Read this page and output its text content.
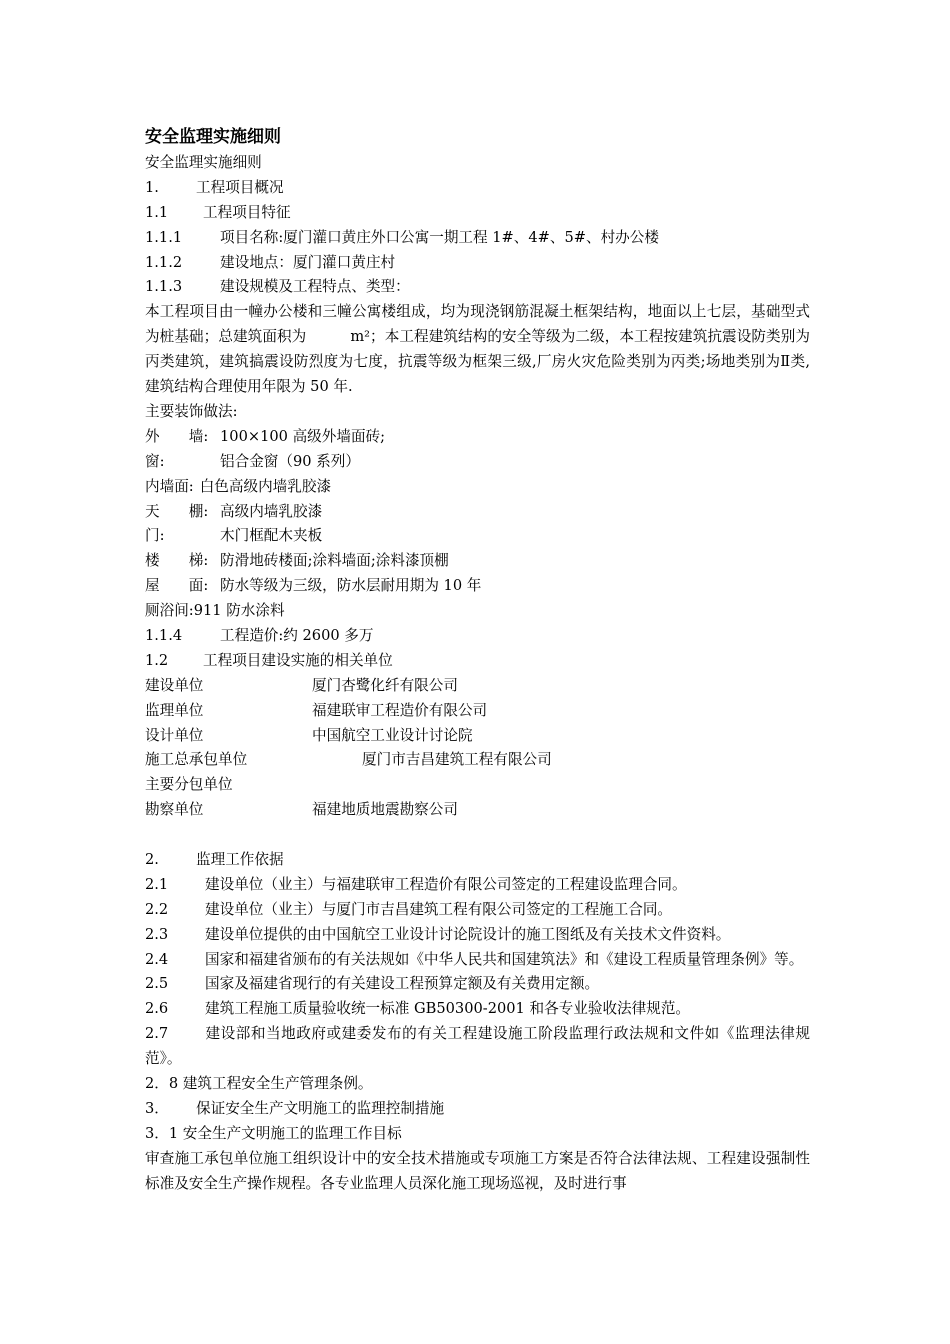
安全监理实施细则
安全监理实施细则
1.	工程项目概况
1.1 工程项目特征
1.1.1	项目名称:厦门灌口黄庄外口公寓一期工程 1#、4#、5#、村办公楼
1.1.2	建设地点：厦门灌口黄庄村
1.1.3	建设规模及工程特点、类型：
本工程项目由一幢办公楼和三幢公寓楼组成，均为现浇钢筋混凝土框架结构，地面以上七层，基础型式为桩基础；总建筑面积为	m²；本工程建筑结构的安全等级为二级，本工程按建筑抗震设防类别为丙类建筑，建筑搞震设防烈度为七度，抗震等级为框架三级,厂房火灾危险类别为丙类;场地类别为Ⅱ类,建筑结构合理使用年限为 50 年.
主要装饰做法:
外　　墙: 100×100 高级外墙面砖;
窗:	铝合金窗（90 系列）
内墙面: 白色高级内墙乳胶漆
天　　棚: 高级内墙乳胶漆
门:	木门框配木夹板
楼　　梯: 防滑地砖楼面;涂料墙面;涂料漆顶棚
屋　　面: 防水等级为三级，防水层耐用期为 10 年
厕浴间:911 防水涂料
1.1.4	工程造价:约 2600 多万
1.2 工程项目建设实施的相关单位
建设单位	厦门杏鹭化纤有限公司
监理单位	福建联审工程造价有限公司
设计单位	中国航空工业设计讨论院
施工总承包单位	厦门市吉昌建筑工程有限公司
主要分包单位
勘察单位	福建地质地震勘察公司
2.	监理工作依据
2.1	建设单位（业主）与福建联审工程造价有限公司签定的工程建设监理合同。
2.2	建设单位（业主）与厦门市吉昌建筑工程有限公司签定的工程施工合同。
2.3	建设单位提供的由中国航空工业设计讨论院设计的施工图纸及有关技术文件资料。
2.4	国家和福建省颁布的有关法规如《中华人民共和国建筑法》和《建设工程质量管理条例》等。
2.5	国家及福建省现行的有关建设工程预算定额及有关费用定额。
2.6	建筑工程施工质量验收统一标准 GB50300-2001 和各专业验收法律规范。
2.7	建设部和当地政府或建委发布的有关工程建设施工阶段监理行政法规和文件如《监理法律规范》。
2．8 建筑工程安全生产管理条例。
3． 保证安全生产文明施工的监理控制措施
3．1 安全生产文明施工的监理工作目标
审查施工承包单位施工组织设计中的安全技术措施或专项施工方案是否符合法律法规、工程建设强制性标准及安全生产操作规程。各专业监理人员深化施工现场巡视，及时进行事
